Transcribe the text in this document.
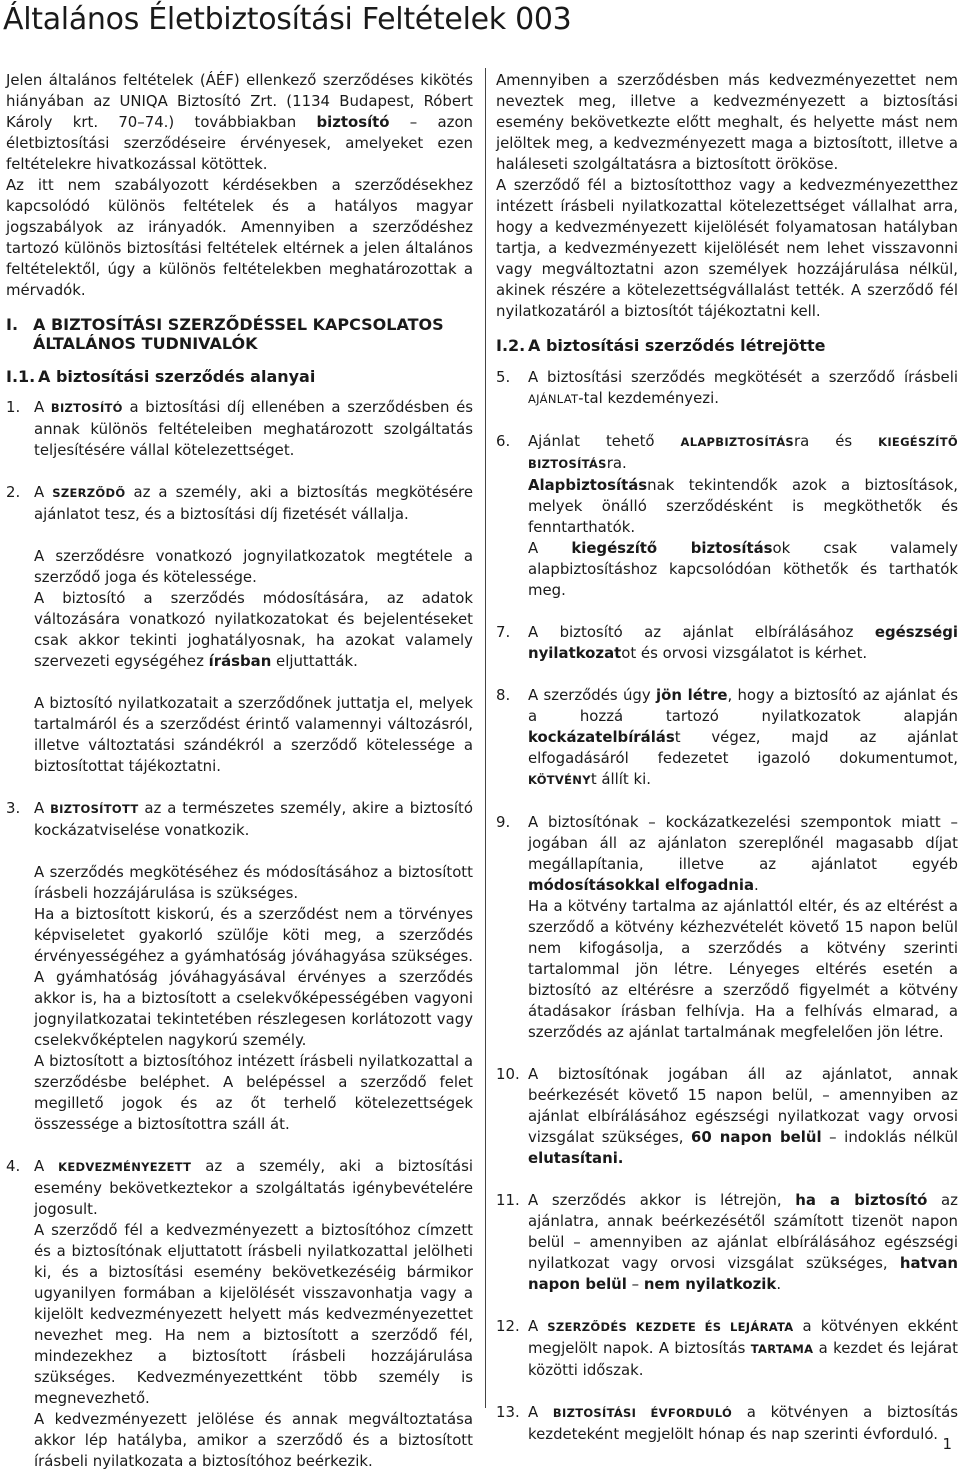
Általános Életbiztosítási Feltételek 003

Jelen általános feltételek (ÁÉF) ellenkező szerződéses kikötés hiányában az UNIQA Biztosító Zrt. (1134 Budapest, Róbert Károly krt. 70–74.) továbbiakban biztosító – azon életbiztosítási szerződéseire érvényesek, amelyeket ezen feltételekre hivatkozással kötöttek.

Az itt nem szabályozott kérdésekben a szerződésekhez kapcsolódó különös feltételek és a hatályos magyar jogszabályok az irányadók. Amennyiben a szerződéshez tartozó különös biztosítási feltételek eltérnek a jelen általános feltételektől, úgy a különös feltételekben meghatározottak a mérvadók.

I. A BIZTOSÍTÁSI SZERZŐDÉSSEL KAPCSOLATOS ÁLTALÁNOS TUDNIVALÓK
I.1. A biztosítási szerződés alanyai
1. A BIZTOSÍTÓ a biztosítási díj ellenében a szerződésben és annak különös feltételeiben meghatározott szolgáltatás teljesítésére vállal kötelezettséget.

2. A SZERZŐDŐ az a személy, aki a biztosítás megkötésére ajánlatot tesz, és a biztosítási díj fizetését vállalja.

A szerződésre vonatkozó jognyilatkozatok megtétele a szerződő joga és kötelessége.

A biztosító a szerződés módosítására, az adatok változására vonatkozó nyilatkozatokat és bejelentéseket csak akkor tekinti joghatályosnak, ha azokat valamely szervezeti egységéhez írásban eljuttatták.

A biztosító nyilatkozatait a szerződőnek juttatja el, melyek tartalmáról és a szerződést érintő valamennyi változásról, illetve változtatási szándékról a szerződő kötelessége a biztosítottat tájékoztatni.

3. A BIZTOSÍTOTT az a természetes személy, akire a biztosító kockázatviselése vonatkozik.

A szerződés megkötéséhez és módosításához a biztosított írásbeli hozzájárulása is szükséges.

Ha a biztosított kiskorú, és a szerződést nem a törvényes képviseletet gyakorló szülője köti meg, a szerződés érvényességéhez a gyámhatóság jóváhagyása szükséges. A gyámhatóság jóváhagyásával érvényes a szerződés akkor is, ha a biztosított a cselekvőképességében vagyoni jognyilatkozatai tekintetében részlegesen korlátozott vagy cselekvőképtelen nagykorú személy.

A biztosított a biztosítóhoz intézett írásbeli nyilatkozattal a szerződésbe beléphet. A belépéssel a szerződő felet megillető jogok és az őt terhelő kötelezettségek összessége a biztosítottra száll át.

4. A KEDVEZMÉNYEZETT az a személy, aki a biztosítási esemény bekövetkeztekor a szolgáltatás igénybevételére jogosult.

A szerződő fél a kedvezményezett a biztosítóhoz címzett és a biztosítónak eljuttatott írásbeli nyilatkozattal jelölheti ki, és a biztosítási esemény bekövetkezéséig bármikor ugyanilyen formában a kijelölését visszavonhatja vagy a kijelölt kedvezményezett helyett más kedvezményezettet nevezhet meg. Ha nem a biztosított a szerződő fél, mindezekhez a biztosított írásbeli hozzájárulása szükséges. Kedvezményezettként több személy is megnevezhető.

A kedvezményezett jelölése és annak megváltoztatása akkor lép hatályba, amikor a szerződő és a biztosított írásbeli nyilatkozata a biztosítóhoz beérkezik.

Amennyiben a szerződésben más kedvezményezettet nem neveztek meg, illetve a kedvezményezett a biztosítási esemény bekövetkezte előtt meghalt, és helyette mást nem jelöltek meg, a kedvezményezett maga a biztosított, illetve a haláleseti szolgáltatásra a biztosított örököse.

A szerződő fél a biztosítotthoz vagy a kedvezményezetthez intézett írásbeli nyilatkozattal kötelezettséget vállalhat arra, hogy a kedvezményezett kijelölését folyamatosan hatályban tartja, a kedvezményezett kijelölését nem lehet visszavonni vagy megváltoztatni azon személyek hozzájárulása nélkül, akinek részére a kötelezettségvállalást tették. A szerződő fél nyilatkozatáról a biztosítót tájékoztatni kell.

I.2. A biztosítási szerződés létrejötte
5.	A biztosítási szerződés megkötését a szerződő írásbeli AJÁNLAT-tal kezdeményezi.

6.	Ajánlat tehető ALAPBIZTOSÍTÁSra és KIEGÉSZÍTŐ BIZTOSÍTÁSra.

Alapbiztosításnak tekintendők azok a biztosítások, melyek önálló szerződésként is megköthetők és fenntarthatók.

A kiegészítő biztosítások csak valamely alapbiztosításhoz kapcsolódóan köthetők és tarthatók meg.

7.	A biztosító az ajánlat elbírálásához egészségi nyilatkozatot és orvosi vizsgálatot is kérhet.

8.	A szerződés úgy jön létre, hogy a biztosító az ajánlat és a hozzá tartozó nyilatkozatok alapján kockázatelbírálást végez, majd az ajánlat elfogadásáról fedezetet igazoló dokumentumot, KÖTVÉNYt állít ki.

9.	A biztosítónak – kockázatkezelési szempontok miatt – jogában áll az ajánlaton szereplőnél magasabb díjat megállapítania, illetve az ajánlatot egyéb módosításokkal elfogadnia.

Ha a kötvény tartalma az ajánlattól eltér, és az eltérést a szerződő a kötvény kézhezvételét követő 15 napon belül nem kifogásolja, a szerződés a kötvény szerinti tartalommal jön létre. Lényeges eltérés esetén a biztosító az eltérésre a szerződő figyelmét a kötvény átadásakor írásban felhívja. Ha a felhívás elmarad, a szerződés az ajánlat tartalmának megfelelően jön létre.

10. A biztosítónak jogában áll az ajánlatot, annak beérkezését követő 15 napon belül, – amennyiben az ajánlat elbírálásához egészségi nyilatkozat vagy orvosi vizsgálat szükséges, 60 napon belül – indoklás nélkül elutasítani.

11. A szerződés akkor is létrejön, ha a biztosító az ajánlatra, annak beérkezésétől számított tizenöt napon belül – amennyiben az ajánlat elbírálásához egészségi nyilatkozat vagy orvosi vizsgálat szükséges, hatvan napon belül – nem nyilatkozik.

12. A SZERZŐDÉS KEZDETE ÉS LEJÁRATA a kötvényen ekként megjelölt napok. A biztosítás TARTAMA a kezdet és lejárat közötti időszak.

13. A BIZTOSÍTÁSI ÉVFORDULÓ a kötvényen a biztosítás kezdeteként megjelölt hónap és nap szerinti évforduló.

1
